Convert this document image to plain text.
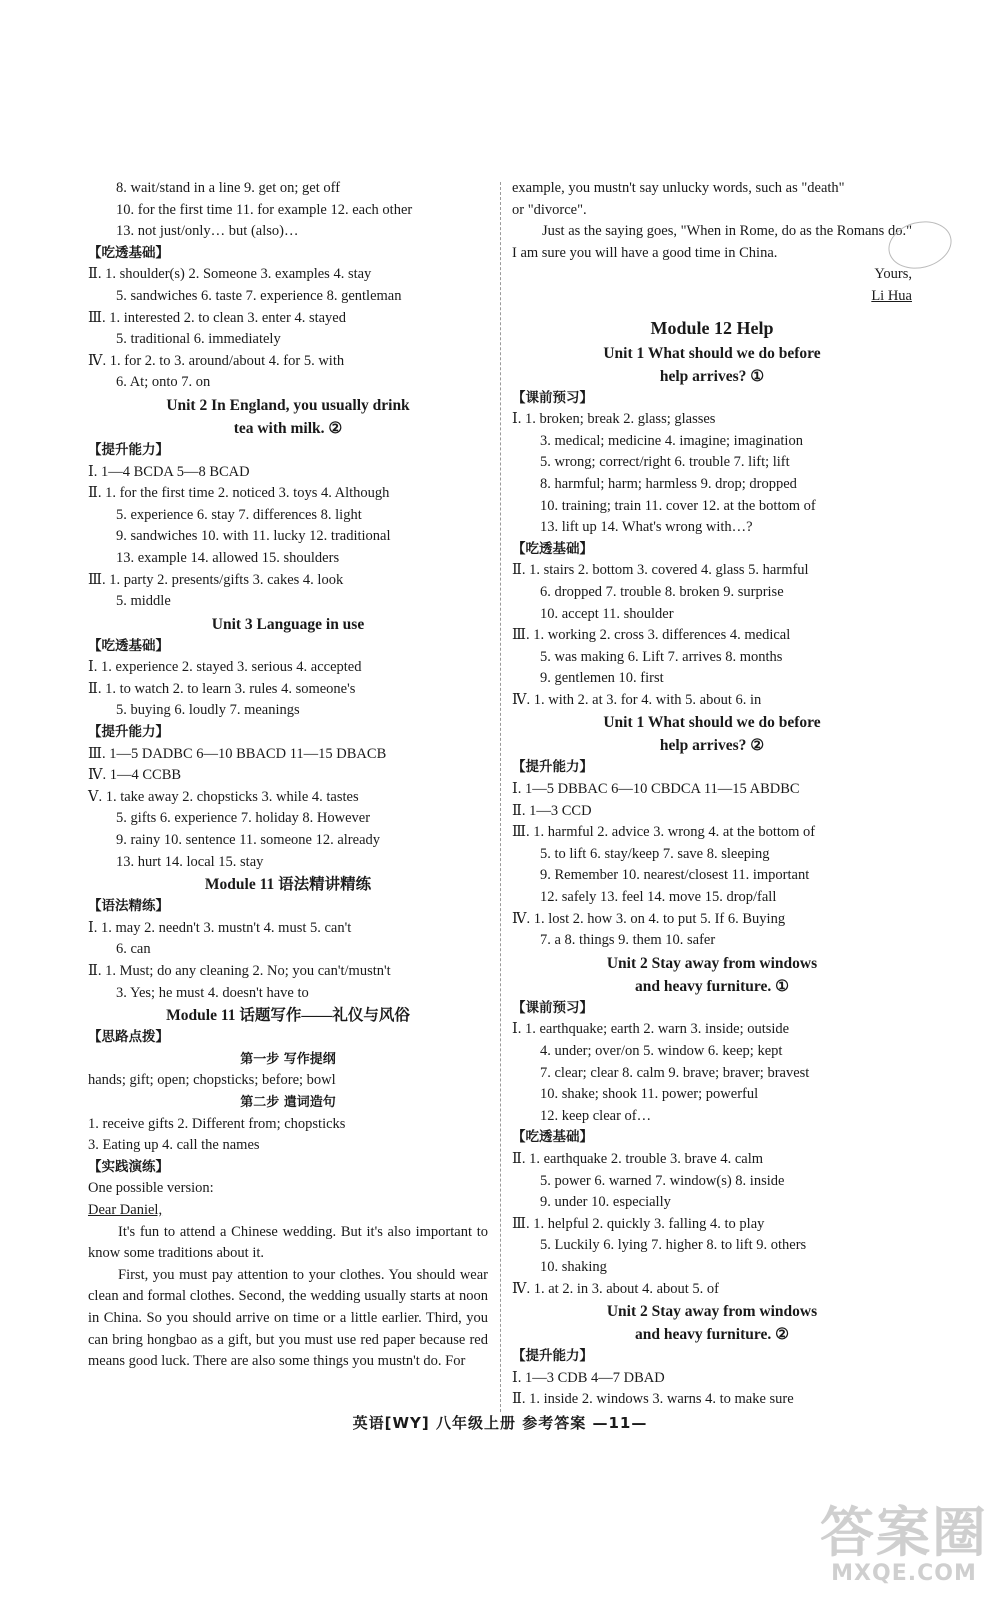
8. wait/stand in a line 9. get on; get off
10. for the first time 11. for example 12. each other
13. not just/only… but (also)…
【吃透基础】
Ⅱ. 1. shoulder(s) 2. Someone 3. examples 4. stay
5. sandwiches 6. taste 7. experience 8. gentleman
Ⅲ. 1. interested 2. to clean 3. enter 4. stayed
5. traditional 6. immediately
Ⅳ. 1. for 2. to 3. around/about 4. for 5. with
6. At; onto 7. on
Unit 2 In England, you usually drink
tea with milk. ②
【提升能力】
Ⅰ. 1—4 BCDA 5—8 BCAD
Ⅱ. 1. for the first time 2. noticed 3. toys 4. Although
5. experience 6. stay 7. differences 8. light
9. sandwiches 10. with 11. lucky 12. traditional
13. example 14. allowed 15. shoulders
Ⅲ. 1. party 2. presents/gifts 3. cakes 4. look
5. middle
Unit 3 Language in use
【吃透基础】
Ⅰ. 1. experience 2. stayed 3. serious 4. accepted
Ⅱ. 1. to watch 2. to learn 3. rules 4. someone's
5. buying 6. loudly 7. meanings
【提升能力】
Ⅲ. 1—5 DADBC 6—10 BBACD 11—15 DBACB
Ⅳ. 1—4 CCBB
Ⅴ. 1. take away 2. chopsticks 3. while 4. tastes
5. gifts 6. experience 7. holiday 8. However
9. rainy 10. sentence 11. someone 12. already
13. hurt 14. local 15. stay
Module 11 语法精讲精练
【语法精练】
Ⅰ. 1. may 2. needn't 3. mustn't 4. must 5. can't
6. can
Ⅱ. 1. Must; do any cleaning 2. No; you can't/mustn't
3. Yes; he must 4. doesn't have to
Module 11 话题写作——礼仪与风俗
【思路点拨】
第一步 写作提纲
hands; gift; open; chopsticks; before; bowl
第二步 遣词造句
1. receive gifts 2. Different from; chopsticks
3. Eating up 4. call the names
【实践演练】
One possible version:
Dear Daniel,
It's fun to attend a Chinese wedding. But it's also important to know some traditions about it.
First, you must pay attention to your clothes. You should wear clean and formal clothes. Second, the wedding usually starts at noon in China. So you should arrive on time or a little earlier. Third, you can bring hongbao as a gift, but you must use red paper because red means good luck. There are also some things you mustn't do. For
example, you mustn't say unlucky words, such as "death"
or "divorce".
Just as the saying goes, "When in Rome, do as the Romans do." I am sure you will have a good time in China.
Yours,
Li Hua
Module 12 Help
Unit 1 What should we do before
help arrives? ①
【课前预习】
Ⅰ. 1. broken; break 2. glass; glasses
3. medical; medicine 4. imagine; imagination
5. wrong; correct/right 6. trouble 7. lift; lift
8. harmful; harm; harmless 9. drop; dropped
10. training; train 11. cover 12. at the bottom of
13. lift up 14. What's wrong with…?
【吃透基础】
Ⅱ. 1. stairs 2. bottom 3. covered 4. glass 5. harmful
6. dropped 7. trouble 8. broken 9. surprise
10. accept 11. shoulder
Ⅲ. 1. working 2. cross 3. differences 4. medical
5. was making 6. Lift 7. arrives 8. months
9. gentlemen 10. first
Ⅳ. 1. with 2. at 3. for 4. with 5. about 6. in
Unit 1 What should we do before
help arrives? ②
【提升能力】
Ⅰ. 1—5 DBBAC 6—10 CBDCA 11—15 ABDBC
Ⅱ. 1—3 CCD
Ⅲ. 1. harmful 2. advice 3. wrong 4. at the bottom of
5. to lift 6. stay/keep 7. save 8. sleeping
9. Remember 10. nearest/closest 11. important
12. safely 13. feel 14. move 15. drop/fall
Ⅳ. 1. lost 2. how 3. on 4. to put 5. If 6. Buying
7. a 8. things 9. them 10. safer
Unit 2 Stay away from windows
and heavy furniture. ①
【课前预习】
Ⅰ. 1. earthquake; earth 2. warn 3. inside; outside
4. under; over/on 5. window 6. keep; kept
7. clear; clear 8. calm 9. brave; braver; bravest
10. shake; shook 11. power; powerful
12. keep clear of…
【吃透基础】
Ⅱ. 1. earthquake 2. trouble 3. brave 4. calm
5. power 6. warned 7. window(s) 8. inside
9. under 10. especially
Ⅲ. 1. helpful 2. quickly 3. falling 4. to play
5. Luckily 6. lying 7. higher 8. to lift 9. others
10. shaking
Ⅳ. 1. at 2. in 3. about 4. about 5. of
Unit 2 Stay away from windows
and heavy furniture. ②
【提升能力】
Ⅰ. 1—3 CDB 4—7 DBAD
Ⅱ. 1. inside 2. windows 3. warns 4. to make sure
英语[WY] 八年级上册 参考答案 —11—
答案圈
MXQE.COM
